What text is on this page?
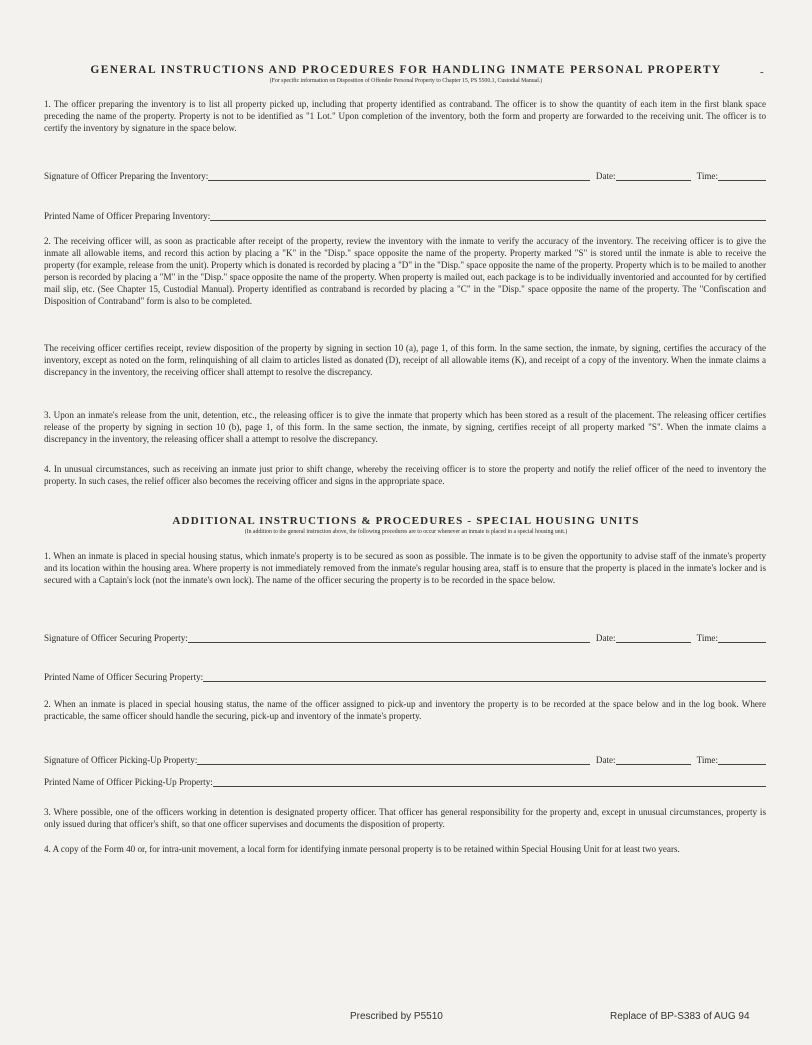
GENERAL INSTRUCTIONS AND PROCEDURES FOR HANDLING INMATE PERSONAL PROPERTY
(For specific information on Disposition of Offender Personal Property to Chapter 15, PS 5500.1, Custodial Manual.)
-
1. The officer preparing the inventory is to list all property picked up, including that property identified as contraband. The officer is to show the quantity of each item in the first blank space preceding the name of the property. Property is not to be identified as "1 Lot." Upon completion of the inventory, both the form and property are forwarded to the receiving unit. The officer is to certify the inventory by signature in the space below.
Signature of Officer Preparing the Inventory:	Date:	Time:
Printed Name of Officer Preparing Inventory:
2. The receiving officer will, as soon as practicable after receipt of the property, review the inventory with the inmate to verify the accuracy of the inventory. The receiving officer is to give the inmate all allowable items, and record this action by placing a "K" in the "Disp." space opposite the name of the property. Property marked "S" is stored until the inmate is able to receive the property (for example, release from the unit). Property which is donated is recorded by placing a "D" in the "Disp." space opposite the name of the property. Property which is to be mailed to another person is recorded by placing a "M" in the "Disp." space opposite the name of the property. When property is mailed out, each package is to be individually inventoried and accounted for by certified mail slip, etc. (See Chapter 15, Custodial Manual). Property identified as contraband is recorded by placing a "C" in the "Disp." space opposite the name of the property. The "Confiscation and Disposition of Contraband" form is also to be completed.
The receiving officer certifies receipt, review disposition of the property by signing in section 10 (a), page 1, of this form. In the same section, the inmate, by signing, certifies the accuracy of the inventory, except as noted on the form, relinquishing of all claim to articles listed as donated (D), receipt of all allowable items (K), and receipt of a copy of the inventory. When the inmate claims a discrepancy in the inventory, the receiving officer shall attempt to resolve the discrepancy.
3. Upon an inmate's release from the unit, detention, etc., the releasing officer is to give the inmate that property which has been stored as a result of the placement. The releasing officer certifies release of the property by signing in section 10 (b), page 1, of this form. In the same section, the inmate, by signing, certifies receipt of all property marked "S". When the inmate claims a discrepancy in the inventory, the releasing officer shall a attempt to resolve the discrepancy.
4. In unusual circumstances, such as receiving an inmate just prior to shift change, whereby the receiving officer is to store the property and notify the relief officer of the need to inventory the property. In such cases, the relief officer also becomes the receiving officer and signs in the appropriate space.
ADDITIONAL INSTRUCTIONS & PROCEDURES - SPECIAL HOUSING UNITS
(In addition to the general instruction above, the following procedures are to occur whenever an inmate is placed in a special housing unit.)
1. When an inmate is placed in special housing status, which inmate's property is to be secured as soon as possible. The inmate is to be given the opportunity to advise staff of the inmate's property and its location within the housing area. Where property is not immediately removed from the inmate's regular housing area, staff is to ensure that the property is placed in the inmate's locker and is secured with a Captain's lock (not the inmate's own lock). The name of the officer securing the property is to be recorded in the space below.
Signature of Officer Securing Property:	Date:	Time:
Printed Name of Officer Securing Property:
2. When an inmate is placed in special housing status, the name of the officer assigned to pick-up and inventory the property is to be recorded at the space below and in the log book. Where practicable, the same officer should handle the securing, pick-up and inventory of the inmate's property.
Signature of Officer Picking-Up Property:	Date:	Time:
Printed Name of Officer Picking-Up Property:
3. Where possible, one of the officers working in detention is designated property officer. That officer has general responsibility for the property and, except in unusual circumstances, property is only issued during that officer's shift, so that one officer supervises and documents the disposition of property.
4. A copy of the Form 40 or, for intra-unit movement, a local form for identifying inmate personal property is to be retained within Special Housing Unit for at least two years.
Prescribed by P5510	Replace of BP-S383 of AUG 94
